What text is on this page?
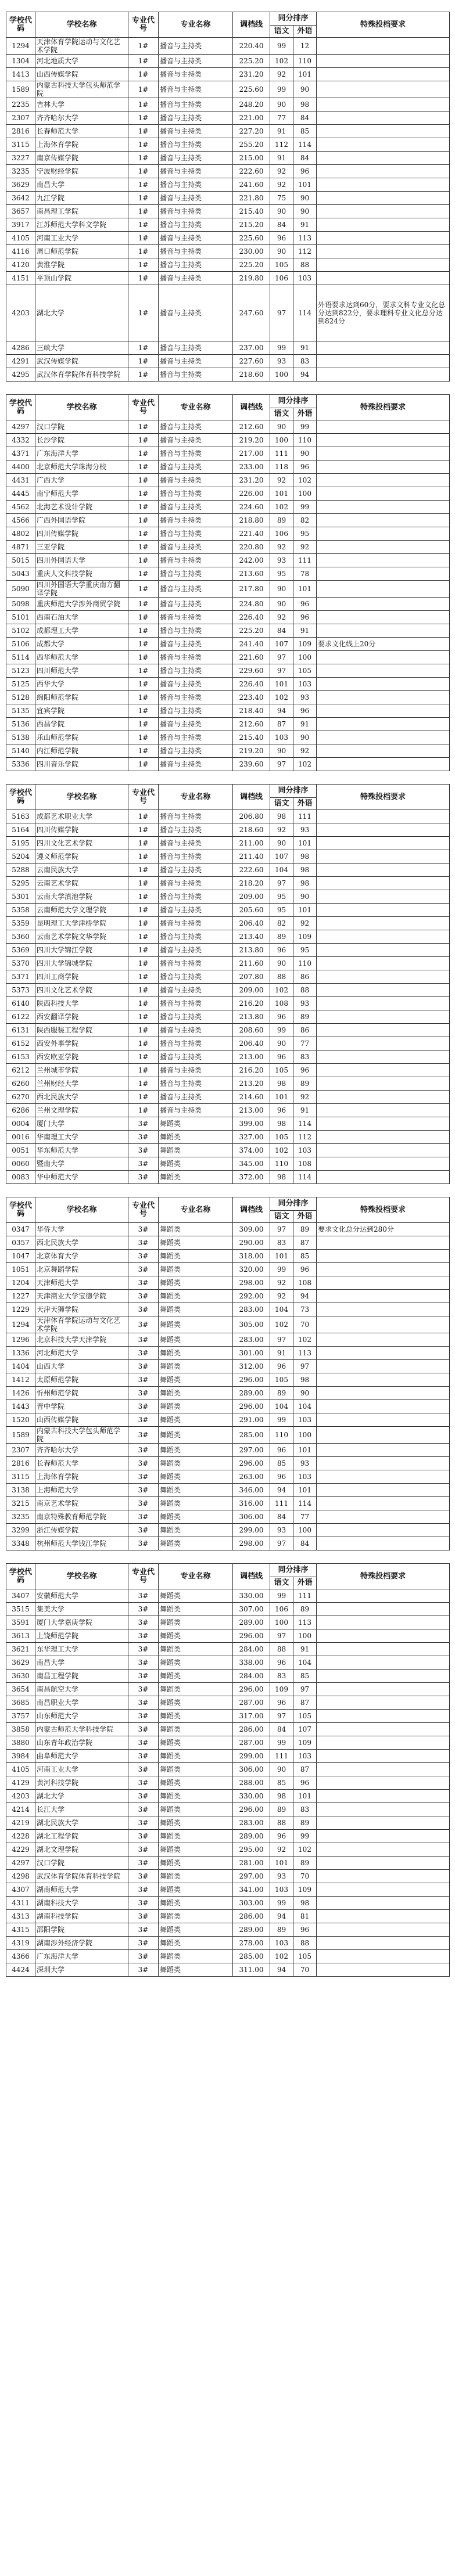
学校代码	学校名称	专业代号	专业名称	调档线	同分排序		特殊投档要求
					语文	外语	
1294	天津体育学院运动与文化艺术学院	1#	播音与主持类	220.40	99	12	
1304	河北地质大学	1#	播音与主持类	225.20	102	110	
1413	山西传媒学院	1#	播音与主持类	231.20	92	101	
1589	内蒙古科技大学包头师范学院	1#	播音与主持类	225.60	99	90	
2235	吉林大学	1#	播音与主持类	248.20	90	98	
2307	齐齐哈尔大学	1#	播音与主持类	221.00	77	84	
2816	长春师范大学	1#	播音与主持类	227.20	91	85	
3115	上海体育学院	1#	播音与主持类	255.20	112	114	
3227	南京传媒学院	1#	播音与主持类	215.00	91	84	
3235	宁波财经学院	1#	播音与主持类	222.60	92	96	
3629	南昌大学	1#	播音与主持类	241.60	92	101	
3642	九江学院	1#	播音与主持类	221.80	75	90	
3657	南昌理工学院	1#	播音与主持类	215.40	90	90	
3917	江苏师范大学科文学院	1#	播音与主持类	215.20	84	91	
4105	河南工业大学	1#	播音与主持类	225.60	96	113	
4116	周口师范学院	1#	播音与主持类	230.00	90	112	
4120	黄淮学院	1#	播音与主持类	225.20	105	88	
4151	平顶山学院	1#	播音与主持类	219.80	106	103	
4203	湖北大学	1#	播音与主持类	247.60	97	114	外语要求达到60分，要求文科专业文化总分达到822分，要求理科专业文化总分达到824分
4286	三峡大学	1#	播音与主持类	237.00	99	91	
4291	武汉传媒学院	1#	播音与主持类	227.60	93	83	
4295	武汉体育学院体育科技学院	1#	播音与主持类	218.60	100	94	

学校代码	学校名称	专业代号	专业名称	调档线	同分排序		特殊投档要求
					语文	外语	
4297	汉口学院	1#	播音与主持类	212.60	90	99	
4332	长沙学院	1#	播音与主持类	219.20	100	110	
4371	广东海洋大学	1#	播音与主持类	217.00	111	90	
4400	北京师范大学珠海分校	1#	播音与主持类	233.00	118	96	
4431	广西大学	1#	播音与主持类	231.20	92	102	
4445	南宁师范大学	1#	播音与主持类	226.00	101	100	
4562	北海艺术设计学院	1#	播音与主持类	224.60	102	99	
4566	广西外国语学院	1#	播音与主持类	218.80	89	82	
4802	四川传媒学院	1#	播音与主持类	221.40	106	95	
4871	三亚学院	1#	播音与主持类	220.80	92	92	
5015	四川外国语大学	1#	播音与主持类	242.00	93	111	
5043	重庆人文科技学院	1#	播音与主持类	213.60	95	78	
5090	四川外国语大学重庆南方翻译学院	1#	播音与主持类	217.80	90	101	
5098	重庆师范大学涉外商贸学院	1#	播音与主持类	224.80	90	96	
5101	西南石油大学	1#	播音与主持类	226.40	92	96	
5102	成都理工大学	1#	播音与主持类	225.20	84	91	
5106	成都大学	1#	播音与主持类	241.40	107	109	要求文化线上20分
5114	西华师范大学	1#	播音与主持类	221.60	97	100	
5123	四川师范大学	1#	播音与主持类	229.60	97	105	
5125	西华大学	1#	播音与主持类	226.40	101	103	
5128	绵阳师范学院	1#	播音与主持类	223.40	102	93	
5135	宜宾学院	1#	播音与主持类	218.40	94	96	
5136	西昌学院	1#	播音与主持类	212.60	87	91	
5138	乐山师范学院	1#	播音与主持类	215.40	103	90	
5140	内江师范学院	1#	播音与主持类	219.20	90	92	
5336	四川音乐学院	1#	播音与主持类	239.60	97	102	

学校代码	学校名称	专业代号	专业名称	调档线	同分排序		特殊投档要求
					语文	外语	
5163	成都艺术职业大学	1#	播音与主持类	206.80	98	111	
5164	四川传媒学院	1#	播音与主持类	218.60	92	93	
5195	四川文化艺术学院	1#	播音与主持类	211.00	90	101	
5204	遵义师范学院	1#	播音与主持类	211.40	107	98	
5288	云南民族大学	1#	播音与主持类	222.60	104	98	
5295	云南艺术学院	1#	播音与主持类	218.20	97	98	
5301	云南大学滇池学院	1#	播音与主持类	209.00	95	90	
5358	云南师范大学文理学院	1#	播音与主持类	205.60	95	101	
5359	昆明理工大学津桥学院	1#	播音与主持类	206.40	82	92	
5360	云南艺术学院文华学院	1#	播音与主持类	213.40	89	109	
5369	四川大学锦江学院	1#	播音与主持类	213.80	96	95	
5370	四川大学锦城学院	1#	播音与主持类	211.60	90	110	
5371	四川工商学院	1#	播音与主持类	207.80	88	86	
5373	四川文化艺术学院	1#	播音与主持类	209.00	102	88	
6140	陕西科技大学	1#	播音与主持类	216.20	108	93	
6122	西安翻译学院	1#	播音与主持类	213.80	96	89	
6131	陕西服装工程学院	1#	播音与主持类	208.60	99	86	
6152	西安外事学院	1#	播音与主持类	206.40	90	77	
6153	西安欧亚学院	1#	播音与主持类	213.00	96	83	
6212	兰州城市学院	1#	播音与主持类	216.20	105	96	
6260	兰州财经大学	1#	播音与主持类	213.20	98	89	
6270	西北民族大学	1#	播音与主持类	214.60	101	92	
6286	兰州文理学院	1#	播音与主持类	213.00	96	91	
0004	厦门大学	3#	舞蹈类	399.00	98	114	
0016	华南理工大学	3#	舞蹈类	327.00	105	112	
0051	华东师范大学	3#	舞蹈类	374.00	102	103	
0060	暨南大学	3#	舞蹈类	345.00	110	108	
0083	华中师范大学	3#	舞蹈类	372.00	98	114	

学校代码	学校名称	专业代号	专业名称	调档线	同分排序		特殊投档要求
					语文	外语	
0347	华侨大学	3#	舞蹈类	309.00	97	89	要求文化总分达到280分
0357	西北民族大学	3#	舞蹈类	290.00	83	87	
1047	北京体育大学	3#	舞蹈类	318.00	101	85	
1051	北京舞蹈学院	3#	舞蹈类	320.00	99	96	
1204	天津师范大学	3#	舞蹈类	298.00	92	108	
1227	天津商业大学宝德学院	3#	舞蹈类	292.00	92	94	
1229	天津天狮学院	3#	舞蹈类	283.00	104	73	
1294	天津体育学院运动与文化艺术学院	3#	舞蹈类	305.00	102	70	
1296	北京科技大学天津学院	3#	舞蹈类	283.00	97	102	
1336	河北师范大学	3#	舞蹈类	301.00	91	113	
1404	山西大学	3#	舞蹈类	312.00	96	97	
1412	太原师范学院	3#	舞蹈类	296.00	105	98	
1426	忻州师范学院	3#	舞蹈类	289.00	89	90	
1443	晋中学院	3#	舞蹈类	296.00	104	104	
1520	山西传媒学院	3#	舞蹈类	291.00	99	103	
1589	内蒙古科技大学包头师范学院	3#	舞蹈类	285.00	110	100	
2307	齐齐哈尔大学	3#	舞蹈类	297.00	96	101	
2816	长春师范大学	3#	舞蹈类	296.00	85	93	
3115	上海体育学院	3#	舞蹈类	263.00	96	103	
3138	上海师范大学	3#	舞蹈类	346.00	94	101	
3215	南京艺术学院	3#	舞蹈类	316.00	111	114	
3235	南京特殊教育师范学院	3#	舞蹈类	306.00	84	77	
3299	浙江传媒学院	3#	舞蹈类	299.00	93	100	
3348	杭州师范大学钱江学院	3#	舞蹈类	298.00	97	84	

学校代码	学校名称	专业代号	专业名称	调档线	同分排序		特殊投档要求
					语文	外语	
3407	安徽师范大学	3#	舞蹈类	330.00	99	111	
3515	集美大学	3#	舞蹈类	307.00	106	89	
3591	厦门大学嘉庚学院	3#	舞蹈类	289.00	100	113	
3613	上饶师范学院	3#	舞蹈类	296.00	97	100	
3621	东华理工大学	3#	舞蹈类	284.00	88	91	
3629	南昌大学	3#	舞蹈类	338.00	96	104	
3630	南昌工程学院	3#	舞蹈类	284.00	83	85	
3654	南昌航空大学	3#	舞蹈类	296.00	109	97	
3685	南昌职业大学	3#	舞蹈类	287.00	96	87	
3757	山东师范大学	3#	舞蹈类	317.00	97	105	
3858	内蒙古师范大学科技学院	3#	舞蹈类	286.00	84	107	
3880	山东青年政治学院	3#	舞蹈类	287.00	99	109	
3984	曲阜师范大学	3#	舞蹈类	299.00	111	103	
4105	河南工业大学	3#	舞蹈类	306.00	90	87	
4129	黄河科技学院	3#	舞蹈类	288.00	85	96	
4203	湖北大学	3#	舞蹈类	330.00	98	101	
4214	长江大学	3#	舞蹈类	296.00	89	83	
4219	湖北民族大学	3#	舞蹈类	283.00	88	89	
4228	湖北工程学院	3#	舞蹈类	289.00	96	99	
4229	湖北文理学院	3#	舞蹈类	295.00	92	102	
4297	汉口学院	3#	舞蹈类	281.00	101	89	
4298	武汉体育学院体育科技学院	3#	舞蹈类	297.00	93	70	
4307	湖南师范大学	3#	舞蹈类	341.00	103	109	
4311	湖南科技大学	3#	舞蹈类	303.00	99	98	
4313	湖南科技学院	3#	舞蹈类	286.00	94	81	
4315	邵阳学院	3#	舞蹈类	289.00	89	96	
4319	湖南涉外经济学院	3#	舞蹈类	278.00	103	88	
4366	广东海洋大学	3#	舞蹈类	285.00	102	105	
4424	深圳大学	3#	舞蹈类	311.00	94	70	
